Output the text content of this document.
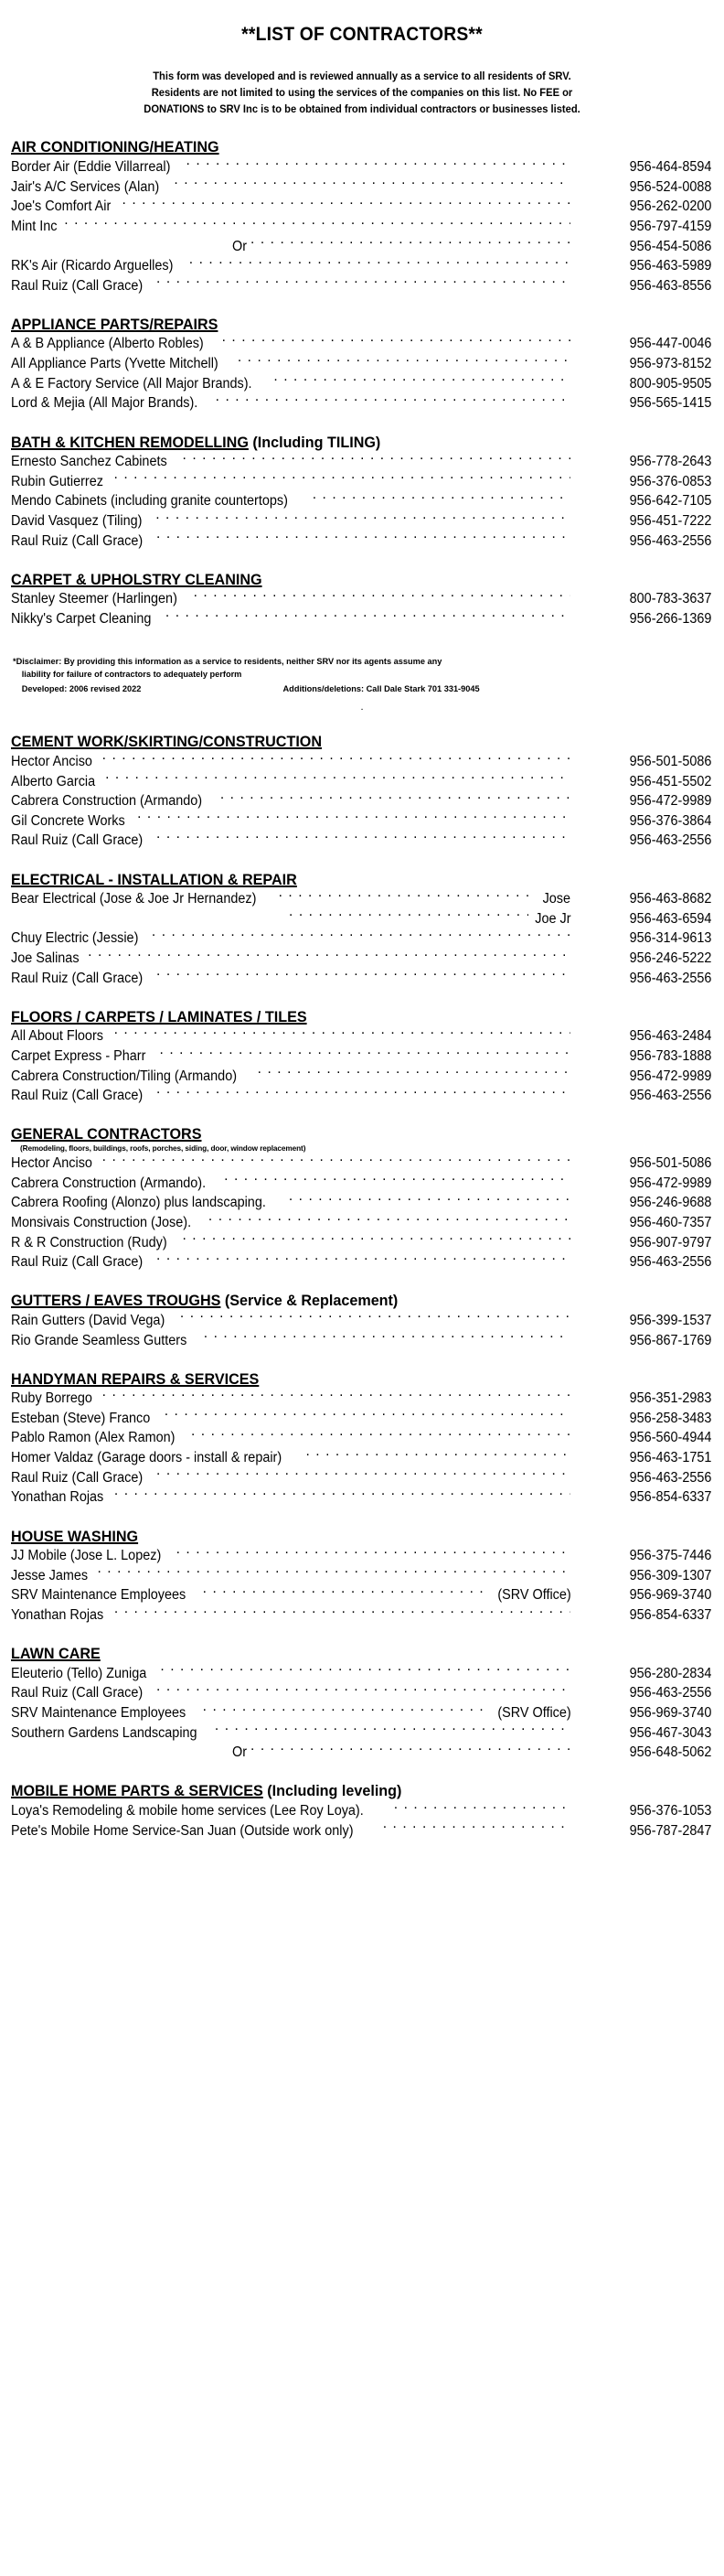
**LIST OF CONTRACTORS**
This form was developed and is reviewed annually as a service to all residents of SRV.
Residents are not limited to using the services of the companies on this list. No FEE or
DONATIONS to SRV Inc is to be obtained from individual contractors or businesses listed.
AIR CONDITIONING/HEATING
Border Air (Eddie Villarreal) . . .	956-464-8594
Jair's A/C Services (Alan) . . .	956-524-0088
Joe's Comfort Air . . .	956-262-0200
Mint Inc . . .	956-797-4159
Or . . .	956-454-5086
RK's Air (Ricardo Arguelles) . . .	956-463-5989
Raul Ruiz (Call Grace) . . .	956-463-8556
APPLIANCE PARTS/REPAIRS
A & B Appliance (Alberto Robles) . . .	956-447-0046
All Appliance Parts (Yvette Mitchell) . . .	956-973-8152
A & E Factory Service (All Major Brands). . . .	800-905-9505
Lord & Mejia (All Major Brands). . . .	956-565-1415
BATH & KITCHEN REMODELLING (Including TILING)
Ernesto Sanchez Cabinets . . .	956-778-2643
Rubin Gutierrez . . .	956-376-0853
Mendo Cabinets (including granite countertops) . . .	956-642-7105
David Vasquez (Tiling) . . .	956-451-7222
Raul Ruiz (Call Grace) . . .	956-463-2556
CARPET & UPHOLSTRY CLEANING
Stanley Steemer (Harlingen) . . .	800-783-3637
Nikky's Carpet Cleaning . . .	956-266-1369
*Disclaimer: By providing this information as a service to residents, neither SRV nor its agents assume any
liability for failure of contractors to adequately perform
Developed: 2006 revised 2022	Additions/deletions: Call Dale Stark 701 331-9045
.
CEMENT WORK/SKIRTING/CONSTRUCTION
Hector Anciso . . .	956-501-5086
Alberto Garcia . . .	956-451-5502
Cabrera Construction (Armando) . . .	956-472-9989
Gil Concrete Works . . .	956-376-3864
Raul Ruiz (Call Grace) . . .	956-463-2556
ELECTRICAL - INSTALLATION & REPAIR
Bear Electrical (Jose & Joe Jr Hernandez) . . .	Jose	956-463-8682
. . .
Joe Jr	956-463-6594
Chuy Electric (Jessie) . . .	956-314-9613
Joe Salinas . . .	956-246-5222
Raul Ruiz (Call Grace) . . .	956-463-2556
FLOORS / CARPETS / LAMINATES / TILES
All About Floors . . .	956-463-2484
Carpet Express - Pharr . . .	956-783-1888
Cabrera Construction/Tiling (Armando) . . .	956-472-9989
Raul Ruiz (Call Grace) . . .	956-463-2556
GENERAL CONTRACTORS
(Remodeling, floors, buildings, roofs, porches, siding, door, window replacement)
Hector Anciso . . .	956-501-5086
Cabrera Construction (Armando). . . .	956-472-9989
Cabrera Roofing (Alonzo) plus landscaping. . . .	956-246-9688
Monsivais Construction (Jose). . . .	956-460-7357
R & R Construction (Rudy) . . .	956-907-9797
Raul Ruiz (Call Grace) . . .	956-463-2556
GUTTERS / EAVES TROUGHS (Service & Replacement)
Rain Gutters (David Vega) . . .	956-399-1537
Rio Grande Seamless Gutters . . .	956-867-1769
HANDYMAN REPAIRS & SERVICES
Ruby Borrego . . .	956-351-2983
Esteban (Steve) Franco . . .	956-258-3483
Pablo Ramon (Alex Ramon) . . .	956-560-4944
Homer Valdaz (Garage doors - install & repair) . . .	956-463-1751
Raul Ruiz (Call Grace) . . .	956-463-2556
Yonathan Rojas . . .	956-854-6337
HOUSE WASHING
JJ Mobile (Jose L. Lopez) . . .	956-375-7446
Jesse James . . .	956-309-1307
SRV Maintenance Employees . . .	(SRV Office)	956-969-3740
Yonathan Rojas . . .	956-854-6337
LAWN CARE
Eleuterio (Tello) Zuniga . . .	956-280-2834
Raul Ruiz (Call Grace) . . .	956-463-2556
SRV Maintenance Employees . . .	(SRV Office)	956-969-3740
Southern Gardens Landscaping . . .	956-467-3043
Or . . .	956-648-5062
MOBILE HOME PARTS & SERVICES (Including leveling)
Loya's Remodeling & mobile home services (Lee Roy Loya). . . .	956-376-1053
Pete's Mobile Home Service-San Juan (Outside work only) . . .	956-787-2847
